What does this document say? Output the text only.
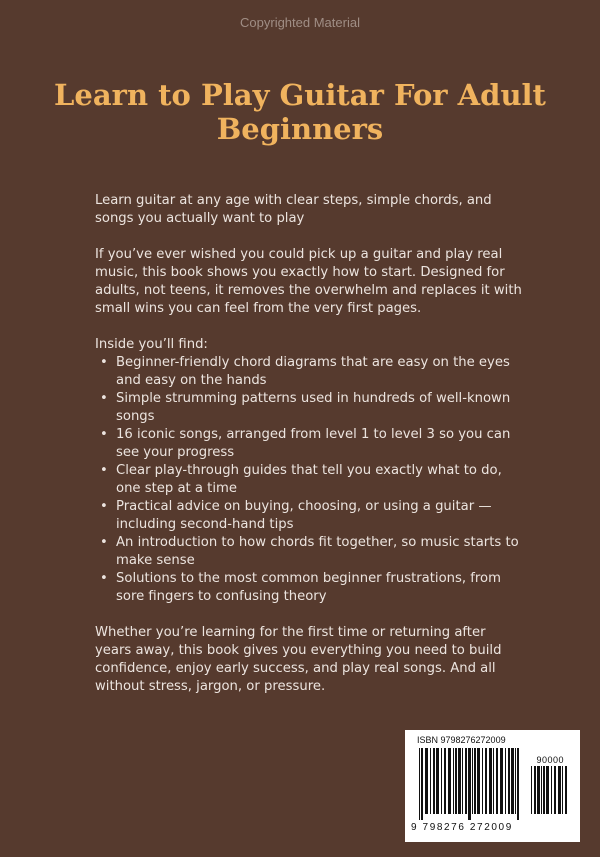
Copyrighted Material
Learn to Play Guitar For Adult Beginners

Learn guitar at any age with clear steps, simple chords, and songs you actually want to play

If you’ve ever wished you could pick up a guitar and play real music, this book shows you exactly how to start. Designed for adults, not teens, it removes the overwhelm and replaces it with small wins you can feel from the very first pages.

Inside you’ll find:

• Beginner-friendly chord diagrams that are easy on the eyes and easy on the hands
• Simple strumming patterns used in hundreds of well-known songs
• 16 iconic songs, arranged from level 1 to level 3 so you can see your progress
• Clear play-through guides that tell you exactly what to do, one step at a time
• Practical advice on buying, choosing, or using a guitar — including second-hand tips
• An introduction to how chords fit together, so music starts to make sense
• Solutions to the most common beginner frustrations, from sore fingers to confusing theory

Whether you’re learning for the first time or returning after years away, this book gives you everything you need to build confidence, enjoy early success, and play real songs. And all without stress, jargon, or pressure.

ISBN 9798276272009
90000
9 798276 272009
